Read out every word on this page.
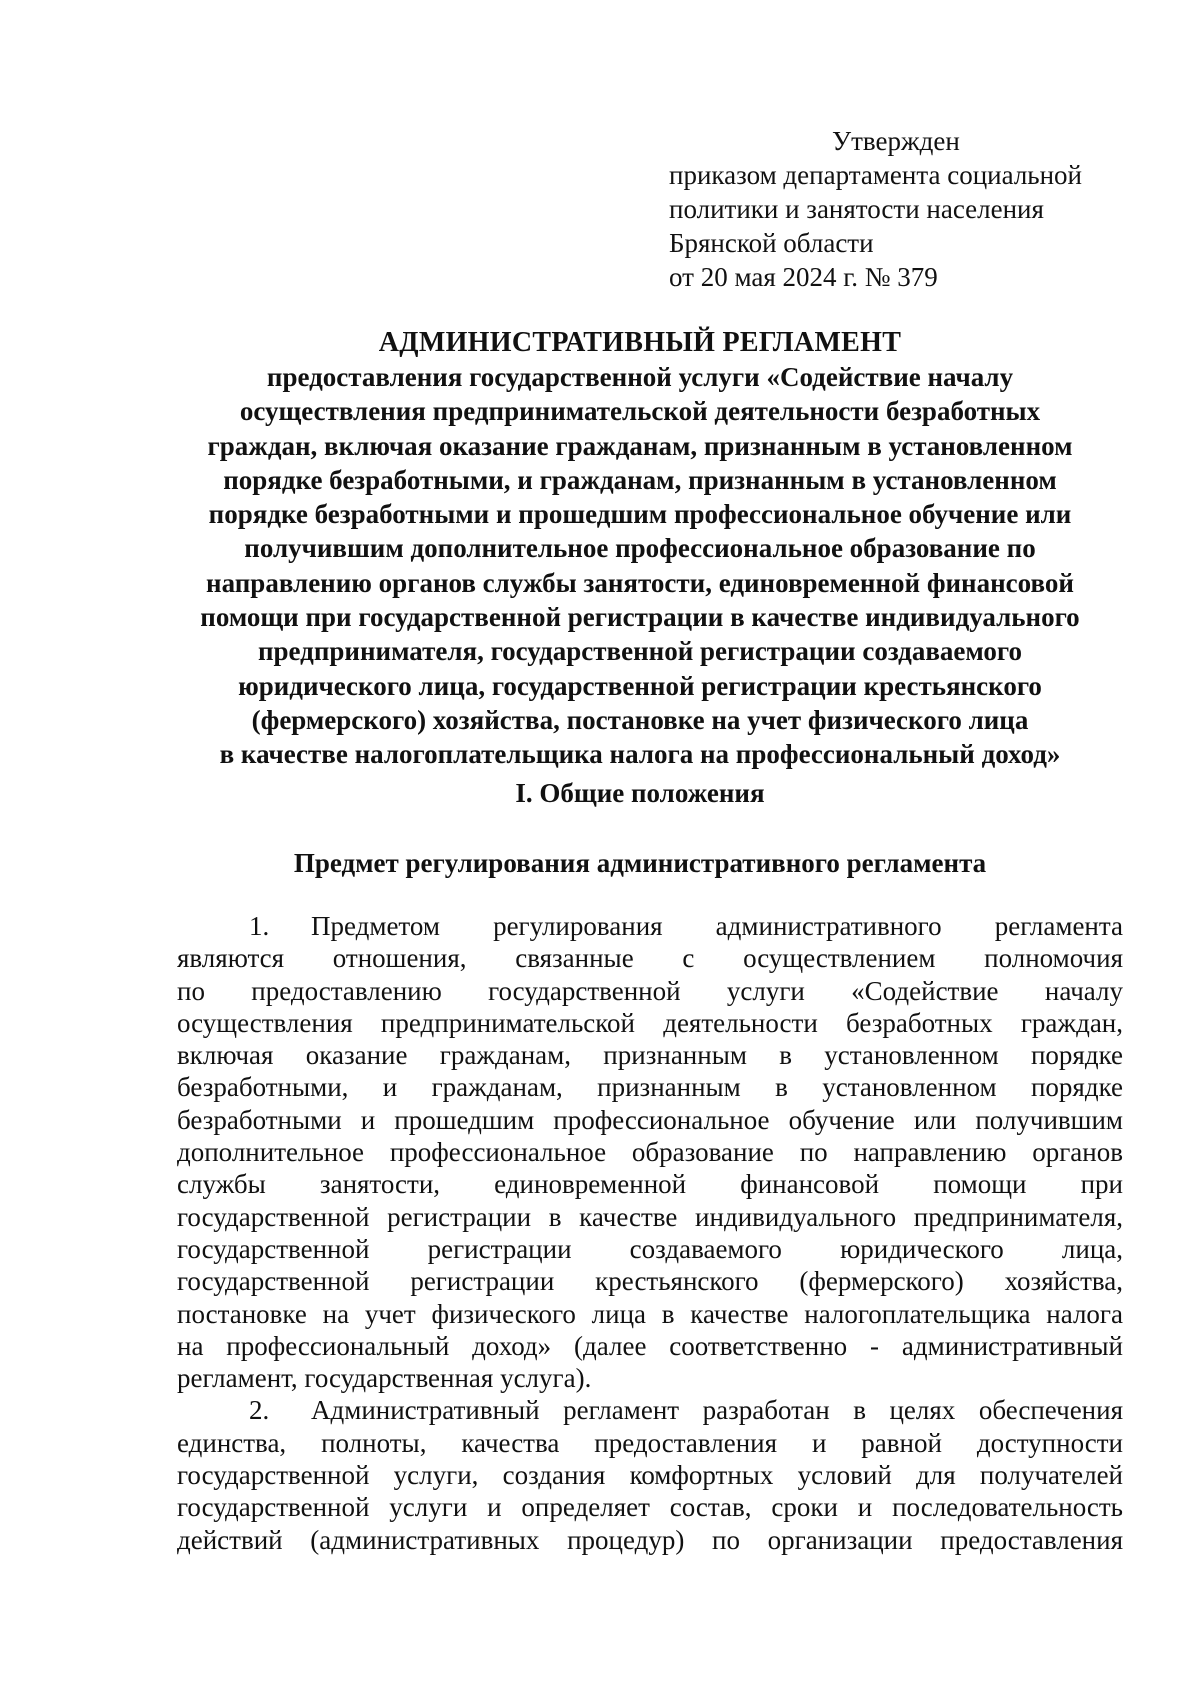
Утвержден
приказом департамента социальной
политики и занятости населения
Брянской области
от 20 мая 2024 г. № 379
АДМИНИСТРАТИВНЫЙ РЕГЛАМЕНТ
предоставления государственной услуги «Содействие началу
осуществления предпринимательской деятельности безработных
граждан, включая оказание гражданам, признанным в установленном
порядке безработными, и гражданам, признанным в установленном
порядке безработными и прошедшим профессиональное обучение или
получившим дополнительное профессиональное образование по
направлению органов службы занятости, единовременной финансовой
помощи при государственной регистрации в качестве индивидуального
предпринимателя, государственной регистрации создаваемого
юридического лица, государственной регистрации крестьянского
(фермерского) хозяйства, постановке на учет физического лица
в качестве налогоплательщика налога на профессиональный доход»
I. Общие положения
Предмет регулирования административного регламента
1. Предметом регулирования административного регламента
являются отношения, связанные с осуществлением полномочия
по предоставлению государственной услуги «Содействие началу
осуществления предпринимательской деятельности безработных граждан,
включая оказание гражданам, признанным в установленном порядке
безработными, и гражданам, признанным в установленном порядке
безработными и прошедшим профессиональное обучение или получившим
дополнительное профессиональное образование по направлению органов
службы занятости, единовременной финансовой помощи при
государственной регистрации в качестве индивидуального предпринимателя,
государственной регистрации создаваемого юридического лица,
государственной регистрации крестьянского (фермерского) хозяйства,
постановке на учет физического лица в качестве налогоплательщика налога
на профессиональный доход» (далее соответственно - административный
регламент, государственная услуга).
2. Административный регламент разработан в целях обеспечения
единства, полноты, качества предоставления и равной доступности
государственной услуги, создания комфортных условий для получателей
государственной услуги и определяет состав, сроки и последовательность
действий (административных процедур) по организации предоставления
